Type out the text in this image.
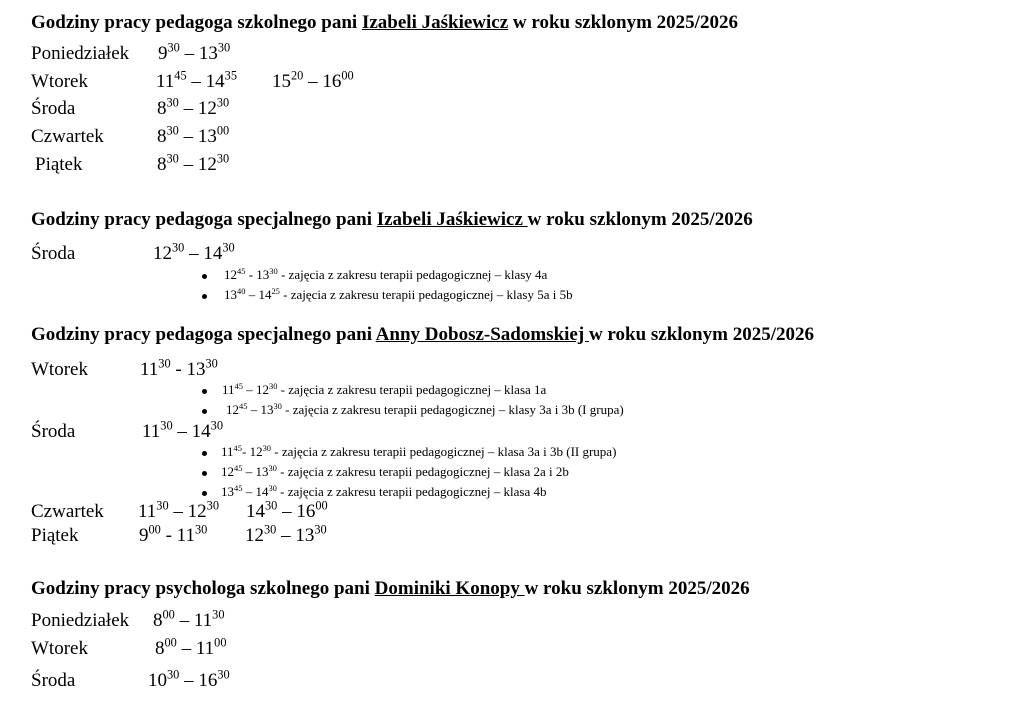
Godziny pracy pedagoga szkolnego pani Izabeli Jaśkiewicz w roku szklonym 2025/2026
Poniedziałek $9^{30} - 13^{30}$
Wtorek	$11^{45} - 14^{35}$ $15^{20} - 16^{00}$
Środa	$8^{30} - 12^{30}$
Czwartek	$8^{30} - 13^{00}$
Piątek	$8^{30} - 12^{30}$
Godziny pracy pedagoga specjalnego pani Izabeli Jaśkiewicz w roku szklonym 2025/2026
Środa	$12^{30} - 14^{30}$
$12^{45} - 13^{30}$ - zajęcia z zakresu terapii pedagogicznej – klasy 4a
$13^{40} - 14^{25}$ - zajęcia z zakresu terapii pedagogicznej – klasy 5a i 5b
Godziny pracy pedagoga specjalnego pani Anny Dobosz-Sadomskiej w roku szklonym 2025/2026
Wtorek	$11^{30} - 13^{30}$
$11^{45} - 12^{30}$ - zajęcia z zakresu terapii pedagogicznej – klasa 1a
$12^{45} - 13^{30}$ - zajęcia z zakresu terapii pedagogicznej – klasy 3a i 3b (I grupa)
Środa	$11^{30} - 14^{30}$
$11^{45}-$ $12^{30}$ - zajęcia z zakresu terapii pedagogicznej – klasa 3a i 3b (II grupa)
$12^{45} - 13^{30}$ - zajęcia z zakresu terapii pedagogicznej – klasa 2a i 2b
$13^{45} - 14^{30}$ - zajęcia z zakresu terapii pedagogicznej – klasa 4b
Czwartek $11^{30} - 12^{30}$ $14^{30} - 16^{00}$
Piątek	$9^{00} - 11^{30}$ $12^{30} - 13^{30}$
Godziny pracy psychologa szkolnego pani Dominiki Konopy w roku szklonym 2025/2026
Poniedziałek $8^{00} - 11^{30}$
Wtorek	$8^{00} - 11^{00}$
Środa	$10^{30} - 16^{30}$
